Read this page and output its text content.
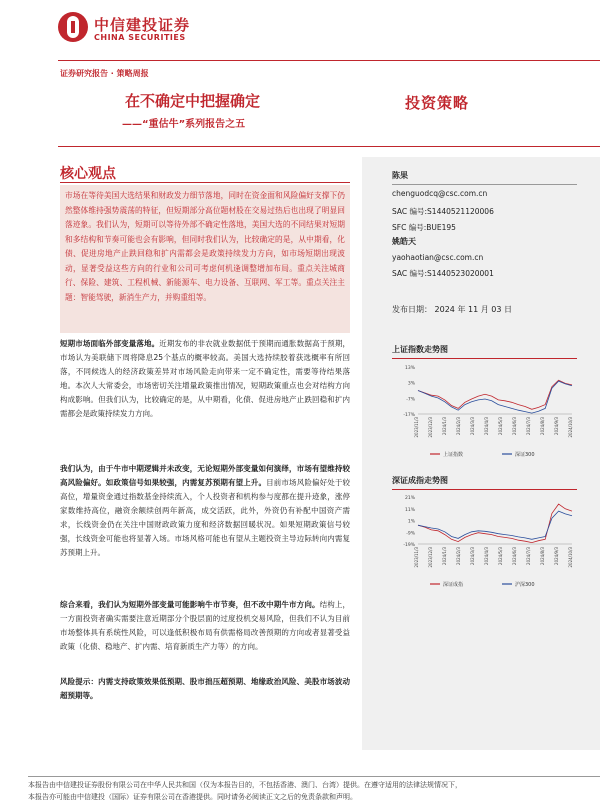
中信建投证券
CHINA SECURITIES
证券研究报告 · 策略周报
在不确定中把握确定
——“重估牛”系列报告之五
投资策略
核心观点
市场在等待美国大选结果和财政发力细节落地，同时在资金面和风险偏好支撑下仍然整体维持强势震荡的特征，但短期部分高位题材股在交易过热后也出现了明显回落迹象。我们认为，短期可以等待外部不确定性落地，美国大选的不同结果对短期和多结构和节奏可能也会有影响，但同时我们认为，比较确定的是，从中期看，化债、促进房地产止跌回稳和扩内需都会是政策持续发力方向，如市场短期出现波动，显著受益这些方向的行业和公司可考虑何机逢调整增加布局。重点关注城商行、保险、建筑、工程机械、新能源车、电力设备、互联网、军工等。重点关注主题：智能驾驶，新消生产力，并购重组等。
短期市场面临外部变量落地。近期发布的非农就业数据低于预期而通胀数据高于预期，市场认为美联储下周将降息25个基点的概率较高。美国大选持续胶着获选概率有所回落，不同候选人的经济政策差异对市场风险走向带来一定不确定性，需要等待结果落地。本次人大常委会，市场密切关注增量政策推出情况，短期政策重点也会对结构方向构成影响。但我们认为，比较确定的是，从中期看，化债、促进房地产止跌回稳和扩内需都会是政策持续发力方向。
我们认为，由于牛市中期逻辑并未改变，无论短期外部变量如何演绎，市场有望维持较高风险偏好。如政策信号如果较强，内需复苏预期有望上升。目前市场风险偏好处于较高位，增量资金通过指数基金持续流入，个人投资者和机构参与度都在提升迹象，涨停家数维持高位，融资余额续创两年新高，成交活跃，此外，外资仍有补配中国资产需求，长线资金仍在关注中国财政政策力度和经济数据回暖状况。如果短期政策信号较强，长线资金可能也将显著入场。市场风格可能也有望从主题投资主导边际转向内需复苏预期上升。
综合来看，我们认为短期外部变量可能影响牛市节奏，但不改中期牛市方向。结构上，一方面投资者确实需要注意近期部分个股层面的过度投机交易风险，但我们不认为目前市场整体具有系统性风险，可以逢低积极布局有供需格局改善预期的方向或者显著受益政策（化债、稳地产、扩内需、培育新质生产力等）的方向。
风险提示：内需支持政策效果低预期、股市拙压超预期、地缘政治风险、美股市场波动超预期等。
陈果
chenguodcq@csc.com.cn
SAC 编号:S1440521120006
SFC 编号:BUE195
姚皓天
yaohaotian@csc.com.cn
SAC 编号:S1440523020001
发布日期： 2024 年 11 月 03 日
上证指数走势图
13%
3%
-7%
-17%
2023/11/3 2023/12/3 2024/1/3 2024/2/3 2024/3/3 2024/4/3 2024/5/3 2024/6/3 2024/7/3 2024/8/3 2024/9/3 2024/10/3
上证指数	深证300
深证成指走势图
21%
11%
1%
-9%
-19%
2023/11/3 2023/12/3 2024/1/3 2024/2/3 2024/3/3 2024/4/3 2024/5/3 2024/6/3 2024/7/3 2024/8/3 2024/9/3 2024/10/3
深证成指	沪深300
本报告由中信建投证券股份有限公司在中华人民共和国（仅为本报告目的，不包括香港、澳门、台湾）提供。在遵守适用的法律法规情况下，
本报告亦可能由中信建投（国际）证券有限公司在香港提供。同时请务必阅读正文之后的免责条款和声明。
